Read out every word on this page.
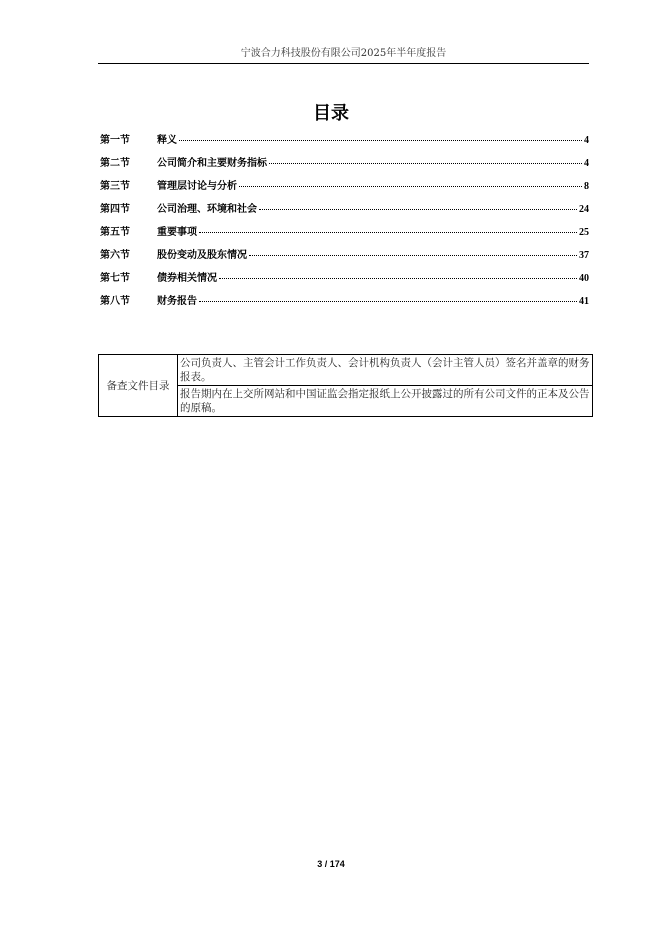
宁波合力科技股份有限公司2025年半年度报告
目录
第一节	释义	4
第二节	公司简介和主要财务指标	4
第三节	管理层讨论与分析	8
第四节	公司治理、环境和社会	24
第五节	重要事项	25
第六节	股份变动及股东情况	37
第七节	债券相关情况	40
第八节	财务报告	41
备查文件目录	公司负责人、主管会计工作负责人、会计机构负责人（会计主管人员）签名并盖章的财务报表。
报告期内在上交所网站和中国证监会指定报纸上公开披露过的所有公司文件的正本及公告的原稿。
3 / 174
